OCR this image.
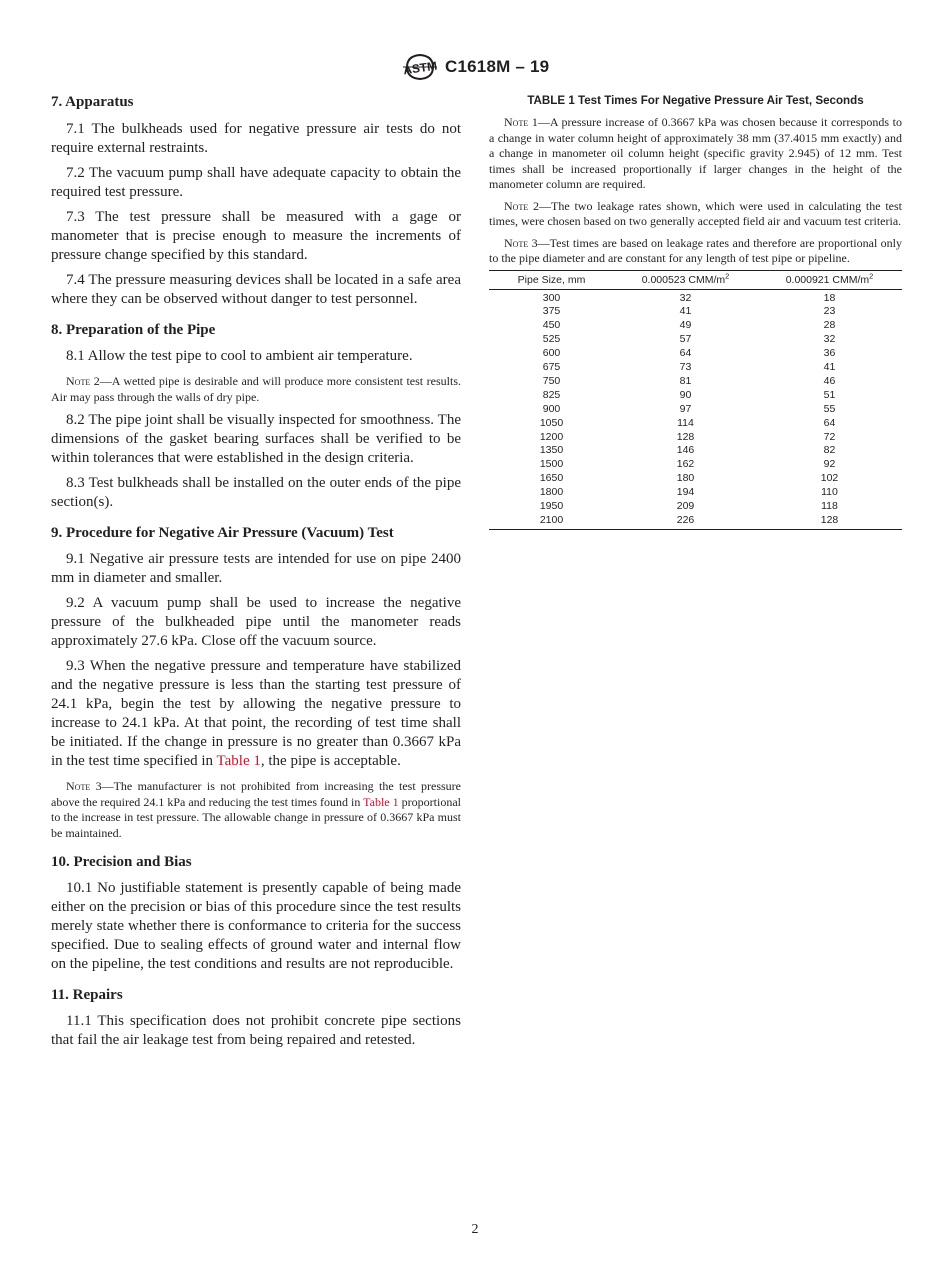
ASTM C1618M – 19
7. Apparatus

7.1 The bulkheads used for negative pressure air tests do not require external restraints.

7.2 The vacuum pump shall have adequate capacity to obtain the required test pressure.

7.3 The test pressure shall be measured with a gage or manometer that is precise enough to measure the increments of pressure change specified by this standard.

7.4 The pressure measuring devices shall be located in a safe area where they can be observed without danger to test personnel.

8. Preparation of the Pipe

8.1 Allow the test pipe to cool to ambient air temperature.

Note 2—A wetted pipe is desirable and will produce more consistent test results. Air may pass through the walls of dry pipe.

8.2 The pipe joint shall be visually inspected for smoothness. The dimensions of the gasket bearing surfaces shall be verified to be within tolerances that were established in the design criteria.

8.3 Test bulkheads shall be installed on the outer ends of the pipe section(s).

9. Procedure for Negative Air Pressure (Vacuum) Test

9.1 Negative air pressure tests are intended for use on pipe 2400 mm in diameter and smaller.

9.2 A vacuum pump shall be used to increase the negative pressure of the bulkheaded pipe until the manometer reads approximately 27.6 kPa. Close off the vacuum source.

9.3 When the negative pressure and temperature have stabilized and the negative pressure is less than the starting test pressure of 24.1 kPa, begin the test by allowing the negative pressure to increase to 24.1 kPa. At that point, the recording of test time shall be initiated. If the change in pressure is no greater than 0.3667 kPa in the test time specified in Table 1, the pipe is acceptable.

Note 3—The manufacturer is not prohibited from increasing the test pressure above the required 24.1 kPa and reducing the test times found in Table 1 proportional to the increase in test pressure. The allowable change in pressure of 0.3667 kPa must be maintained.

10. Precision and Bias

10.1 No justifiable statement is presently capable of being made either on the precision or bias of this procedure since the test results merely state whether there is conformance to criteria for the success specified. Due to sealing effects of ground water and internal flow on the pipeline, the test conditions and results are not reproducible.

11. Repairs

11.1 This specification does not prohibit concrete pipe sections that fail the air leakage test from being repaired and retested.

TABLE 1 Test Times For Negative Pressure Air Test, Seconds

Note 1—A pressure increase of 0.3667 kPa was chosen because it corresponds to a change in water column height of approximately 38 mm (37.4015 mm exactly) and a change in manometer oil column height (specific gravity 2.945) of 12 mm. Test times shall be increased proportionally if larger changes in the height of the manometer column are required.

Note 2—The two leakage rates shown, which were used in calculating the test times, were chosen based on two generally accepted field air and vacuum test criteria.

Note 3—Test times are based on leakage rates and therefore are proportional only to the pipe diameter and are constant for any length of test pipe or pipeline.

Pipe Size, mm	0.000523 CMM/$m^2$	0.000921 CMM/$m^2$
300	32	18
375	41	23
450	49	28
525	57	32
600	64	36
675	73	41
750	81	46
825	90	51
900	97	55
1050	114	64
1200	128	72
1350	146	82
1500	162	92
1650	180	102
1800	194	110
1950	209	118
2100	226	128
2
